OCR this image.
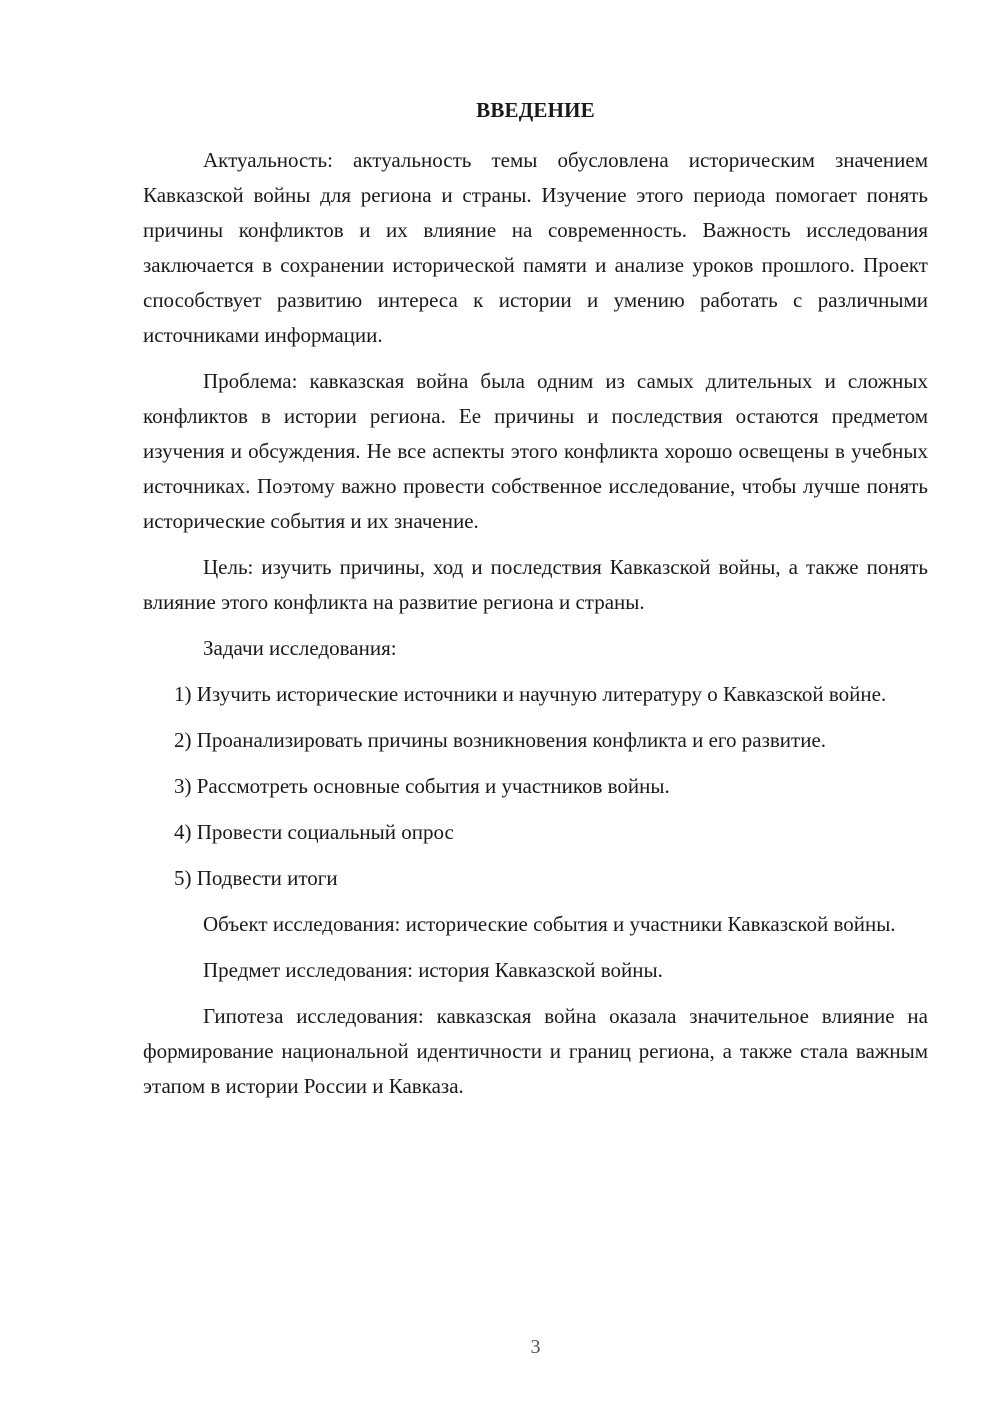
ВВЕДЕНИЕ

Актуальность: актуальность темы обусловлена историческим значением Кавказской войны для региона и страны. Изучение этого периода помогает понять причины конфликтов и их влияние на современность. Важность исследования заключается в сохранении исторической памяти и анализе уроков прошлого. Проект способствует развитию интереса к истории и умению работать с различными источниками информации.

Проблема: кавказская война была одним из самых длительных и сложных конфликтов в истории региона. Ее причины и последствия остаются предметом изучения и обсуждения. Не все аспекты этого конфликта хорошо освещены в учебных источниках. Поэтому важно провести собственное исследование, чтобы лучше понять исторические события и их значение.

Цель: изучить причины, ход и последствия Кавказской войны, а также понять влияние этого конфликта на развитие региона и страны.

Задачи исследования:

1) Изучить исторические источники и научную литературу о Кавказской войне.

2) Проанализировать причины возникновения конфликта и его развитие.

3) Рассмотреть основные события и участников войны.

4) Провести социальный опрос

5) Подвести итоги

Объект исследования: исторические события и участники Кавказской войны.

Предмет исследования: история Кавказской войны.

Гипотеза исследования: кавказская война оказала значительное влияние на формирование национальной идентичности и границ региона, а также стала важным этапом в истории России и Кавказа.

3
